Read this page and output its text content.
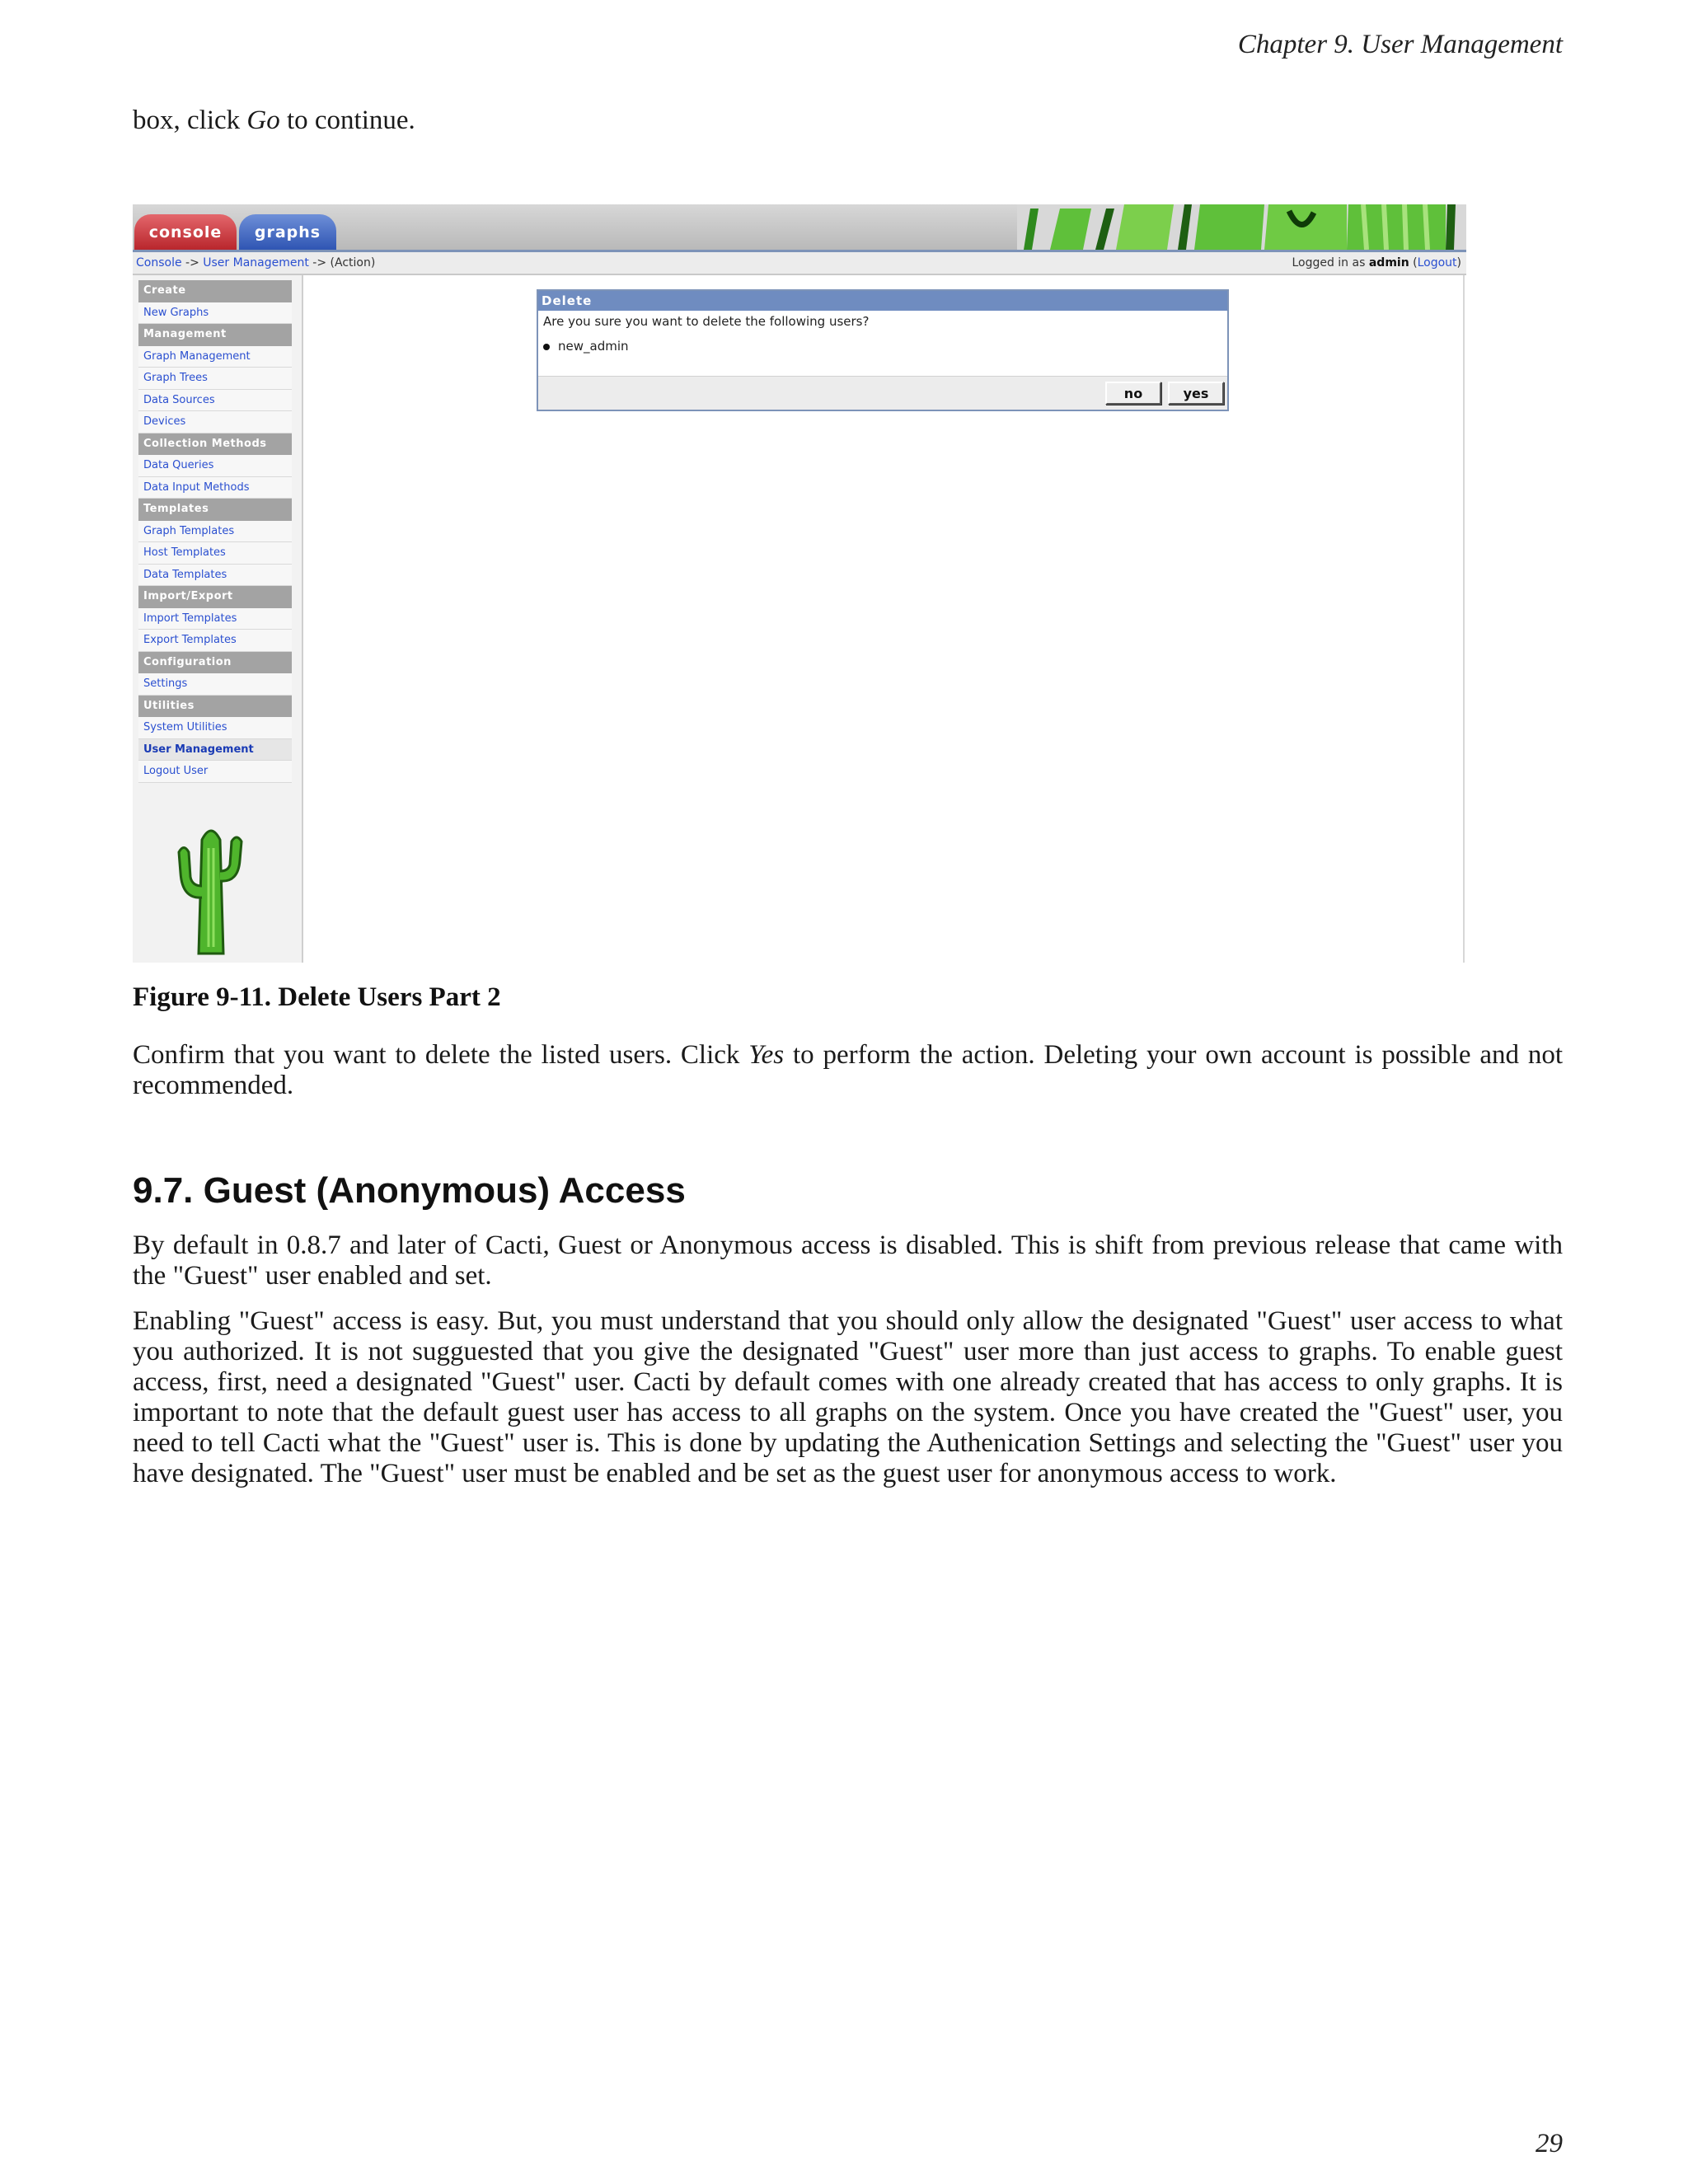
Chapter 9. User Management
box, click Go to continue.
console	graphs
Console -> User Management -> (Action)	Logged in as admin (Logout)
Create
New Graphs
Management
Graph Management
Graph Trees
Data Sources
Devices
Collection Methods
Data Queries
Data Input Methods
Templates
Graph Templates
Host Templates
Data Templates
Import/Export
Import Templates
Export Templates
Configuration
Settings
Utilities
System Utilities
User Management
Logout User
Delete
Are you sure you want to delete the following users?
new_admin
no	yes
Figure 9-11. Delete Users Part 2
Confirm that you want to delete the listed users. Click Yes to perform the action. Deleting your own account is possible and not recommended.
9.7. Guest (Anonymous) Access
By default in 0.8.7 and later of Cacti, Guest or Anonymous access is disabled. This is shift from previous release that came with the "Guest" user enabled and set.
Enabling "Guest" access is easy. But, you must understand that you should only allow the designated "Guest" user access to what you authorized. It is not sugguested that you give the designated "Guest" user more than just access to graphs. To enable guest access, first, need a designated "Guest" user. Cacti by default comes with one already created that has access to only graphs. It is important to note that the default guest user has access to all graphs on the system. Once you have created the "Guest" user, you need to tell Cacti what the "Guest" user is. This is done by updating the Authenication Settings and selecting the "Guest" user you have designated. The "Guest" user must be enabled and be set as the guest user for anonymous access to work.
29
